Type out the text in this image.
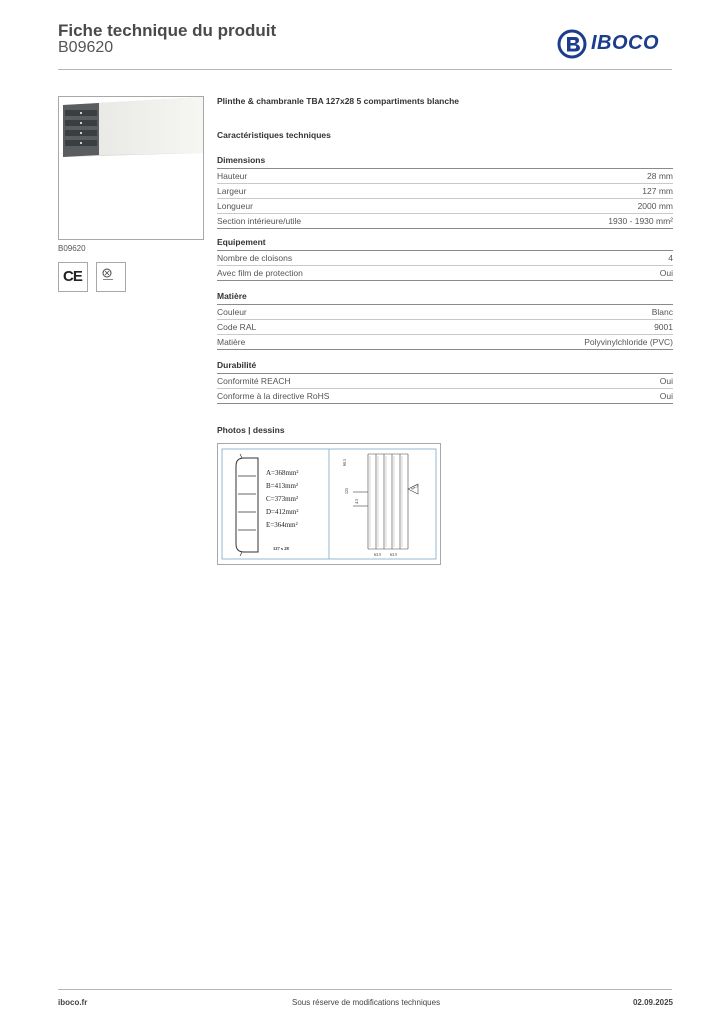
Fiche technique du produit
B09620	IBOCO
B09620
CE
Plinthe & chambranle TBA 127x28 5 compartiments blanche
Caractéristiques techniques
Dimensions
Hauteur	28 mm
Largeur	127 mm
Longueur	2000 mm
Section intérieure/utile	1930 - 1930 mm²
Equipement
Nombre de cloisons	4
Avec film de protection	Oui
Matière
Couleur	Blanc
Code RAL	9001
Matière	Polyvinylchloride (PVC)
Durabilité
Conformité REACH	Oui
Conforme à la directive RoHS	Oui
Photos | dessins
A=368mm²
B=413mm²
C=373mm²
D=412mm²
E=364mm²
127 x 28
60.5
125
4.5
64.5
63.5 63.5
iboco.fr	Sous réserve de modifications techniques	02.09.2025
